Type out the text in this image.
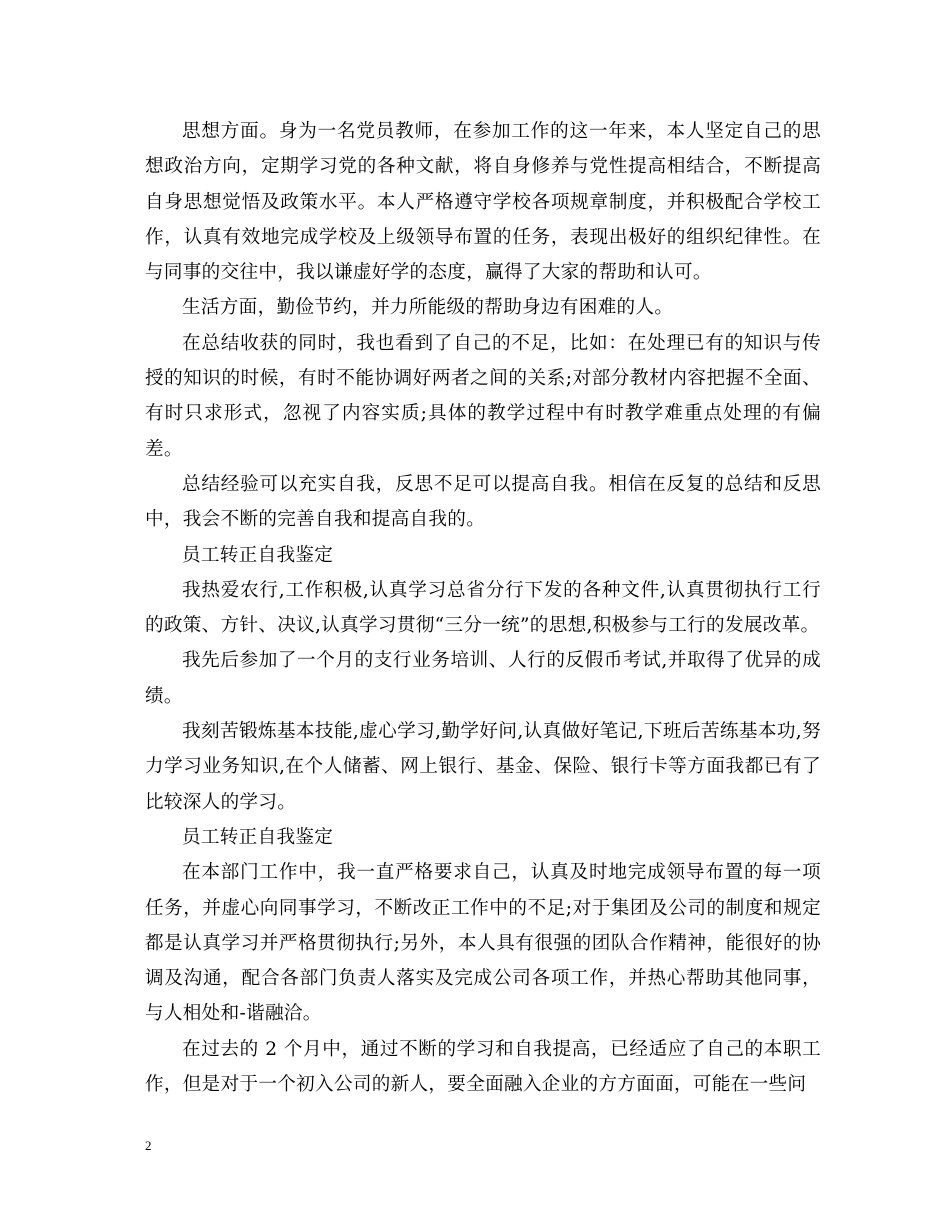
思想方面。身为一名党员教师，在参加工作的这一年来，本人坚定自己的思想政治方向，定期学习党的各种文献，将自身修养与党性提高相结合，不断提高自身思想觉悟及政策水平。本人严格遵守学校各项规章制度，并积极配合学校工作，认真有效地完成学校及上级领导布置的任务，表现出极好的组织纪律性。在与同事的交往中，我以谦虚好学的态度，赢得了大家的帮助和认可。

生活方面，勤俭节约，并力所能级的帮助身边有困难的人。

在总结收获的同时，我也看到了自己的不足，比如：在处理已有的知识与传授的知识的时候，有时不能协调好两者之间的关系;对部分教材内容把握不全面、有时只求形式，忽视了内容实质;具体的教学过程中有时教学难重点处理的有偏差。

总结经验可以充实自我，反思不足可以提高自我。相信在反复的总结和反思中，我会不断的完善自我和提高自我的。

员工转正自我鉴定

我热爱农行,工作积极,认真学习总省分行下发的各种文件,认真贯彻执行工行的政策、方针、决议,认真学习贯彻“三分一统”的思想,积极参与工行的发展改革。

我先后参加了一个月的支行业务培训、人行的反假币考试,并取得了优异的成绩。

我刻苦锻炼基本技能,虚心学习,勤学好问,认真做好笔记,下班后苦练基本功,努力学习业务知识,在个人储蓄、网上银行、基金、保险、银行卡等方面我都已有了比较深人的学习。

员工转正自我鉴定

在本部门工作中，我一直严格要求自己，认真及时地完成领导布置的每一项任务，并虚心向同事学习，不断改正工作中的不足;对于集团及公司的制度和规定都是认真学习并严格贯彻执行;另外，本人具有很强的团队合作精神，能很好的协调及沟通，配合各部门负责人落实及完成公司各项工作，并热心帮助其他同事，与人相处和-谐融洽。

在过去的 2 个月中，通过不断的学习和自我提高，已经适应了自己的本职工作，但是对于一个初入公司的新人，要全面融入企业的方方面面，可能在一些问

2
